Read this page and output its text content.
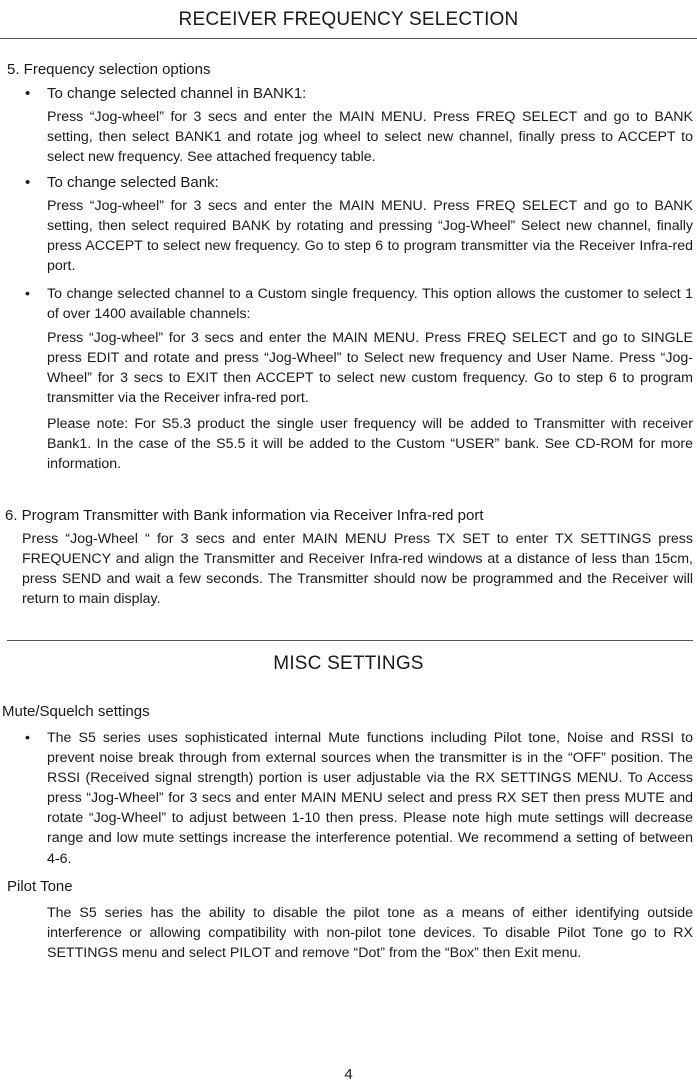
RECEIVER FREQUENCY SELECTION
5. Frequency selection options
• To change selected channel in BANK1:
Press “Jog-wheel” for 3 secs and enter the MAIN MENU. Press FREQ SELECT and go to BANK setting, then select BANK1 and rotate jog wheel to select new channel, finally press to ACCEPT to select new frequency. See attached frequency table.
• To change selected Bank:
Press “Jog-wheel” for 3 secs and enter the MAIN MENU. Press FREQ SELECT and go to BANK setting, then select required BANK by rotating and pressing “Jog-Wheel” Select new channel, finally press ACCEPT to select new frequency. Go to step 6 to program transmitter via the Receiver Infra-red port.
• To change selected channel to a Custom single frequency. This option allows the customer to select 1 of over 1400 available channels:
Press “Jog-wheel” for 3 secs and enter the MAIN MENU. Press FREQ SELECT and go to SINGLE press EDIT and rotate and press “Jog-Wheel” to Select new frequency and User Name. Press “Jog-Wheel” for 3 secs to EXIT then ACCEPT to select new custom frequency. Go to step 6 to program transmitter via the Receiver infra-red port.
Please note: For S5.3 product the single user frequency will be added to Transmitter with receiver Bank1. In the case of the S5.5 it will be added to the Custom “USER” bank. See CD-ROM for more information.
6. Program Transmitter with Bank information via Receiver Infra-red port
Press “Jog-Wheel “ for 3 secs and enter MAIN MENU Press TX SET to enter TX SETTINGS press FREQUENCY and align the Transmitter and Receiver Infra-red windows at a distance of less than 15cm, press SEND and wait a few seconds. The Transmitter should now be programmed and the Receiver will return to main display.
MISC SETTINGS
Mute/Squelch settings
• The S5 series uses sophisticated internal Mute functions including Pilot tone, Noise and RSSI to prevent noise break through from external sources when the transmitter is in the “OFF” position. The RSSI (Received signal strength) portion is user adjustable via the RX SETTINGS MENU. To Access press “Jog-Wheel” for 3 secs and enter MAIN MENU select and press RX SET then press MUTE and rotate “Jog-Wheel” to adjust between 1-10 then press. Please note high mute settings will decrease range and low mute settings increase the interference potential. We recommend a setting of between 4-6.
Pilot Tone
The S5 series has the ability to disable the pilot tone as a means of either identifying outside interference or allowing compatibility with non-pilot tone devices. To disable Pilot Tone go to RX SETTINGS menu and select PILOT and remove “Dot” from the “Box” then Exit menu.
4
